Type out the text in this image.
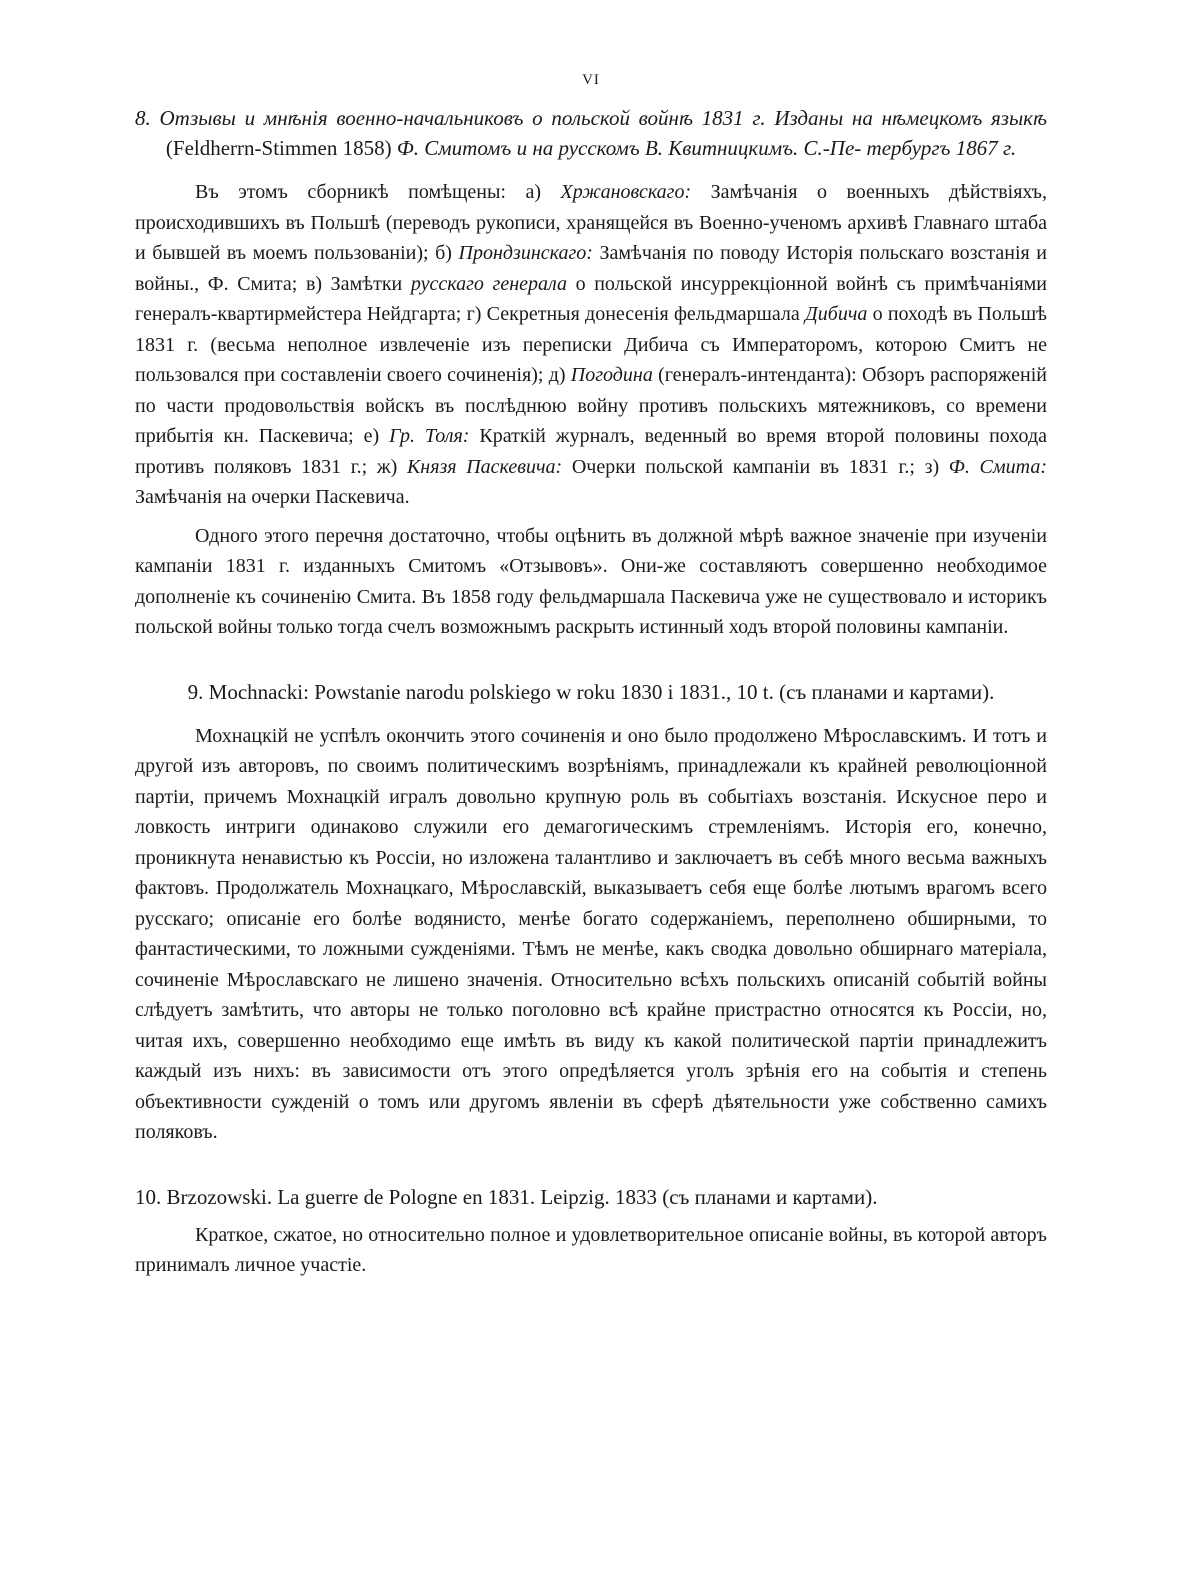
VI

8. Отзывы и мнѣнія военно-начальниковъ о польской войнѣ 1831 г. Изданы на нѣмецкомъ языкѣ (Feldherrn-Stimmen 1858) Ф. Смитомъ и на русскомъ В. Квитницкимъ. С.-Пе- тербургъ 1867 г.

Въ этомъ сборникѣ помѣщены: а) Хржановскаго: Замѣчанія о военныхъ дѣйствіяхъ, происходившихъ въ Польшѣ (переводъ рукописи, хранящейся въ Военно-ученомъ архивѣ Главнаго штаба и бывшей въ моемъ пользованіи); б) Прондзинскаго: Замѣчанія по поводу Исторія польскаго возстанія и войны., Ф. Смита; в) Замѣтки русскаго генерала о польской инсуррекціонной войнѣ съ примѣчаніями генералъ-квартирмейстера Нейдгарта; г) Секретныя донесенія фельдмаршала Дибича о походѣ въ Польшѣ 1831 г. (весьма неполное извлеченіе изъ переписки Дибича съ Императоромъ, которою Смитъ не пользовался при составленіи своего сочиненія); д) Погодина (генералъ-интенданта): Обзоръ распоряженій по части продовольствія войскъ въ послѣднюю войну противъ польскихъ мятежниковъ, со времени прибытія кн. Паскевича; е) Гр. Толя: Краткій журналъ, веденный во время второй половины похода противъ поляковъ 1831 г.; ж) Князя Паскевича: Очерки польской кампаніи въ 1831 г.; з) Ф. Смита: Замѣчанія на очерки Паскевича.

Одного этого перечня достаточно, чтобы оцѣнить въ должной мѣрѣ важное значеніе при изученіи кампаніи 1831 г. изданныхъ Смитомъ «Отзывовъ». Они-же составляютъ совершенно необходимое дополненіе къ сочиненію Смита. Въ 1858 году фельдмаршала Паскевича уже не существовало и историкъ польской войны только тогда счелъ возможнымъ раскрыть истинный ходъ второй половины кампаніи.

9. Mochnacki: Powstanie narodu polskiego w roku 1830 i 1831., 10 t. (съ планами и картами).

Мохнацкій не успѣлъ окончить этого сочиненія и оно было продолжено Мѣрославскимъ. И тотъ и другой изъ авторовъ, по своимъ политическимъ возрѣніямъ, принадлежали къ крайней революціонной партіи, причемъ Мохнацкій игралъ довольно крупную роль въ событіахъ возстанія. Искусное перо и ловкость интриги одинаково служили его демагогическимъ стремленіямъ. Исторія его, конечно, проникнута ненавистью къ Россіи, но изложена талантливо и заключаетъ въ себѣ много весьма важныхъ фактовъ. Продолжатель Мохнацкаго, Мѣрославскій, выказываетъ себя еще болѣе лютымъ врагомъ всего русскаго; описаніе его болѣе водянисто, менѣе богато содержаніемъ, переполнено обширными, то фантастическими, то ложными сужденіями. Тѣмъ не менѣе, какъ сводка довольно обширнаго матеріала, сочиненіе Мѣрославскаго не лишено значенія. Относительно всѣхъ польскихъ описаній событій войны слѣдуетъ замѣтить, что авторы не только поголовно всѣ крайне пристрастно относятся къ Россіи, но, читая ихъ, совершенно необходимо еще имѣть въ виду къ какой политической партіи принадлежитъ каждый изъ нихъ: въ зависимости отъ этого опредѣляется уголъ зрѣнія его на событія и степень объективности сужденій о томъ или другомъ явленіи въ сферѣ дѣятельности уже собственно самихъ поляковъ.

10. Brzozowski. La guerre de Pologne en 1831. Leipzig. 1833 (съ планами и картами).

Краткое, сжатое, но относительно полное и удовлетворительное описаніе войны, въ которой авторъ принималъ личное участіе.
